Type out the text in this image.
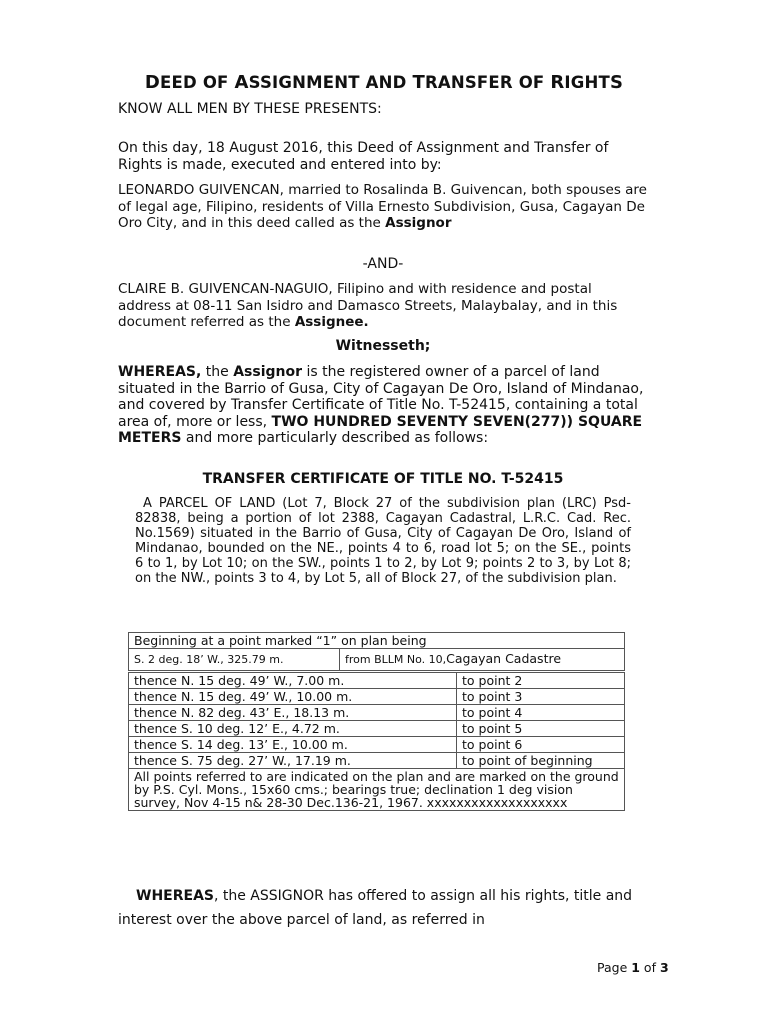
DEED OF ASSIGNMENT AND TRANSFER OF RIGHTS
KNOW ALL MEN BY THESE PRESENTS:
On this day, 18 August 2016, this Deed of Assignment and Transfer of Rights is made, executed and entered into by:
LEONARDO GUIVENCAN, married to Rosalinda B. Guivencan, both spouses are of legal age, Filipino, residents of Villa Ernesto Subdivision, Gusa, Cagayan De Oro City, and in this deed called as the Assignor
-AND-
CLAIRE B. GUIVENCAN-NAGUIO, Filipino and with residence and postal address at 08-11 San Isidro and Damasco Streets, Malaybalay, and in this document referred as the Assignee.
Witnesseth;
WHEREAS, the Assignor is the registered owner of a parcel of land situated in the Barrio of Gusa, City of Cagayan De Oro, Island of Mindanao, and covered by Transfer Certificate of Title No. T-52415, containing a total area of, more or less, TWO HUNDRED SEVENTY SEVEN(277)) SQUARE METERS and more particularly described as follows:
TRANSFER CERTIFICATE OF TITLE NO. T-52415
A PARCEL OF LAND (Lot 7, Block 27 of the subdivision plan (LRC) Psd-82838, being a portion of lot 2388, Cagayan Cadastral, L.R.C. Cad. Rec. No.1569) situated in the Barrio of Gusa, City of Cagayan De Oro, Island of Mindanao, bounded on the NE., points 4 to 6, road lot 5; on the SE., points 6 to 1, by Lot 10; on the SW., points 1 to 2, by Lot 9; points 2 to 3, by Lot 8; on the NW., points 3 to 4, by Lot 5, all of Block 27, of the subdivision plan.
Beginning at a point marked “1” on plan being
S. 2 deg. 18’ W., 325.79 m.	from BLLM No. 10,Cagayan Cadastre
thence N. 15 deg. 49’ W., 7.00 m.	to point 2
thence N. 15 deg. 49’ W., 10.00 m.	to point 3
thence N. 82 deg. 43’ E., 18.13 m.	to point 4
thence S. 10 deg. 12’ E., 4.72 m.	to point 5
thence S. 14 deg. 13’ E., 10.00 m.	to point 6
thence S. 75 deg. 27’ W., 17.19 m.	to point of beginning
All points referred to are indicated on the plan and are marked on the ground by P.S. Cyl. Mons., 15x60 cms.; bearings true; declination 1 deg vision survey, Nov 4-15 n& 28-30 Dec.136-21, 1967. xxxxxxxxxxxxxxxxxxx	
WHEREAS, the ASSIGNOR has offered to assign all his rights, title and interest over the above parcel of land, as referred in
Page 1 of 3
